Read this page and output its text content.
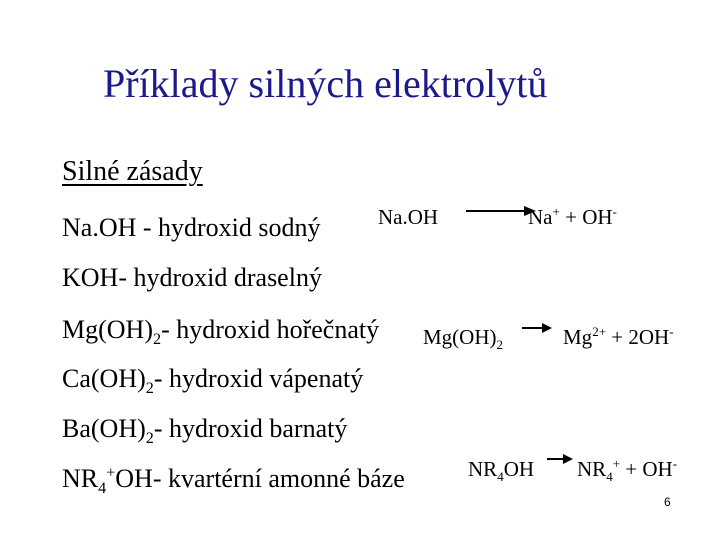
Příklady silných elektrolytů
Silné zásady
Na.OH - hydroxid sodný
KOH- hydroxid draselný
$Mg(OH)_2-$ hydroxid hořečnatý
$Ca(OH)_2-$ hydroxid vápenatý
$Ba(OH)_2-$ hydroxid barnatý
$NR_4^+OH-$ kvartérní amonné báze
Na.OH	Na+ + OH-
$Mg(OH)_2 \to Mg^{2+} + 2OH^-$
$NR_4OH \to NR_4^+ + OH^-$
6
